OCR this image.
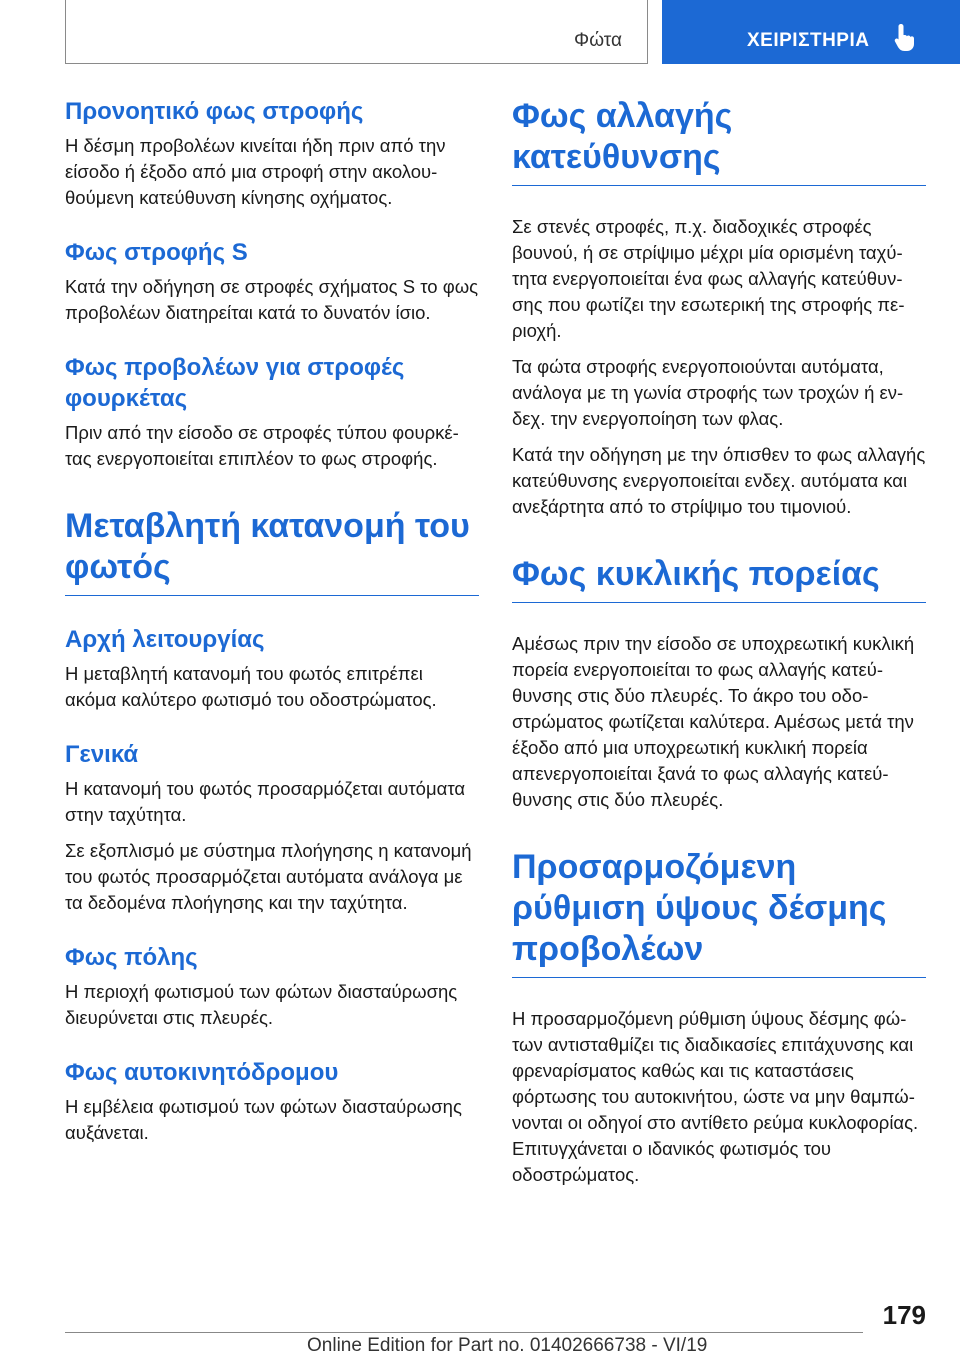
Φώτα	ΧΕΙΡΙΣΤΗΡΙΑ
Προνοητικό φως στροφής

Η δέσμη προβολέων κινείται ήδη πριν από την είσοδο ή έξοδο από μια στροφή στην ακολουθούμενη κατεύθυνση κίνησης οχήματος.

Φως στροφής S

Κατά την οδήγηση σε στροφές σχήματος S το φως προβολέων διατηρείται κατά το δυνατόν ίσιο.

Φως προβολέων για στροφές φουρκέτας

Πριν από την είσοδο σε στροφές τύπου φουρκέτας ενεργοποιείται επιπλέον το φως στροφής.

Μεταβλητή κατανομή του φωτός
Αρχή λειτουργίας

Η μεταβλητή κατανομή του φωτός επιτρέπει ακόμα καλύτερο φωτισμό του οδοστρώματος.

Γενικά

Η κατανομή του φωτός προσαρμόζεται αυτόματα στην ταχύτητα.

Σε εξοπλισμό με σύστημα πλοήγησης η κατανομή του φωτός προσαρμόζεται αυτόματα ανάλογα με τα δεδομένα πλοήγησης και την ταχύτητα.

Φως πόλης

Η περιοχή φωτισμού των φώτων διασταύρωσης διευρύνεται στις πλευρές.

Φως αυτοκινητόδρομου

Η εμβέλεια φωτισμού των φώτων διασταύρωσης αυξάνεται.

Φως αλλαγής κατεύθυνσης

Σε στενές στροφές, π.χ. διαδοχικές στροφές βουνού, ή σε στρίψιμο μέχρι μία ορισμένη ταχύτητα ενεργοποιείται ένα φως αλλαγής κατεύθυνσης που φωτίζει την εσωτερική της στροφής περιοχή.

Τα φώτα στροφής ενεργοποιούνται αυτόματα, ανάλογα με τη γωνία στροφής των τροχών ή ενδεχ. την ενεργοποίηση των φλας.

Κατά την οδήγηση με την όπισθεν το φως αλλαγής κατεύθυνσης ενεργοποιείται ενδεχ. αυτόματα και ανεξάρτητα από το στρίψιμο του τιμονιού.

Φως κυκλικής πορείας

Αμέσως πριν την είσοδο σε υποχρεωτική κυκλική πορεία ενεργοποιείται το φως αλλαγής κατεύθυνσης στις δύο πλευρές. Το άκρο του οδοστρώματος φωτίζεται καλύτερα. Αμέσως μετά την έξοδο από μια υποχρεωτική κυκλική πορεία απενεργοποιείται ξανά το φως αλλαγής κατεύθυνσης στις δύο πλευρές.

Προσαρμοζόμενη ρύθμιση ύψους δέσμης προβολέων

Η προσαρμοζόμενη ρύθμιση ύψους δέσμης φώτων αντισταθμίζει τις διαδικασίες επιτάχυνσης και φρεναρίσματος καθώς και τις καταστάσεις φόρτωσης του αυτοκινήτου, ώστε να μην θαμπώνονται οι οδηγοί στο αντίθετο ρεύμα κυκλοφορίας. Επιτυγχάνεται ο ιδανικός φωτισμός του οδοστρώματος.

179
Online Edition for Part no. 01402666738 - VI/19
